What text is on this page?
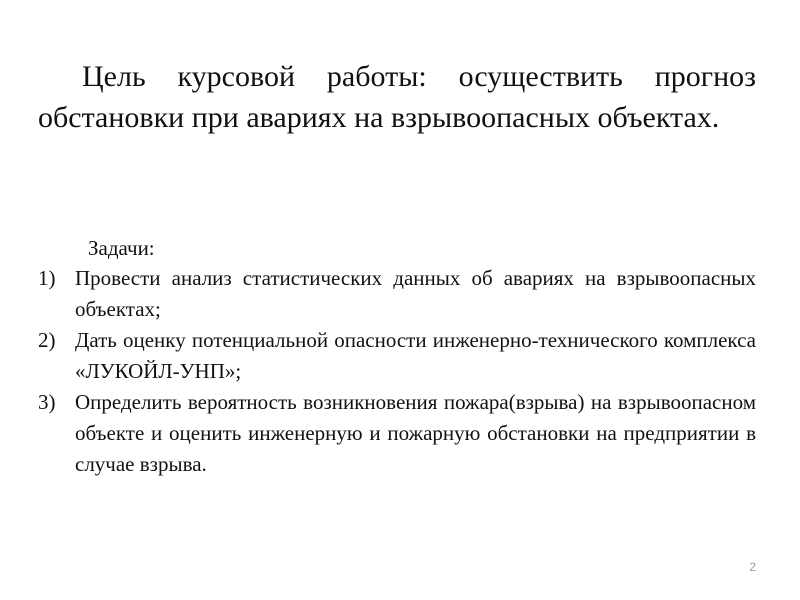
Цель курсовой работы: осуществить прогноз обстановки при авариях на взрывоопасных объектах.

Задачи:

1) Провести анализ статистических данных об авариях на взрывоопасных объектах;
2) Дать оценку потенциальной опасности инженерно-технического комплекса «ЛУКОЙЛ-УНП»;
3) Определить вероятность возникновения пожара(взрыва) на взрывоопасном объекте и оценить инженерную и пожарную обстановки на предприятии в случае взрыва.
2
